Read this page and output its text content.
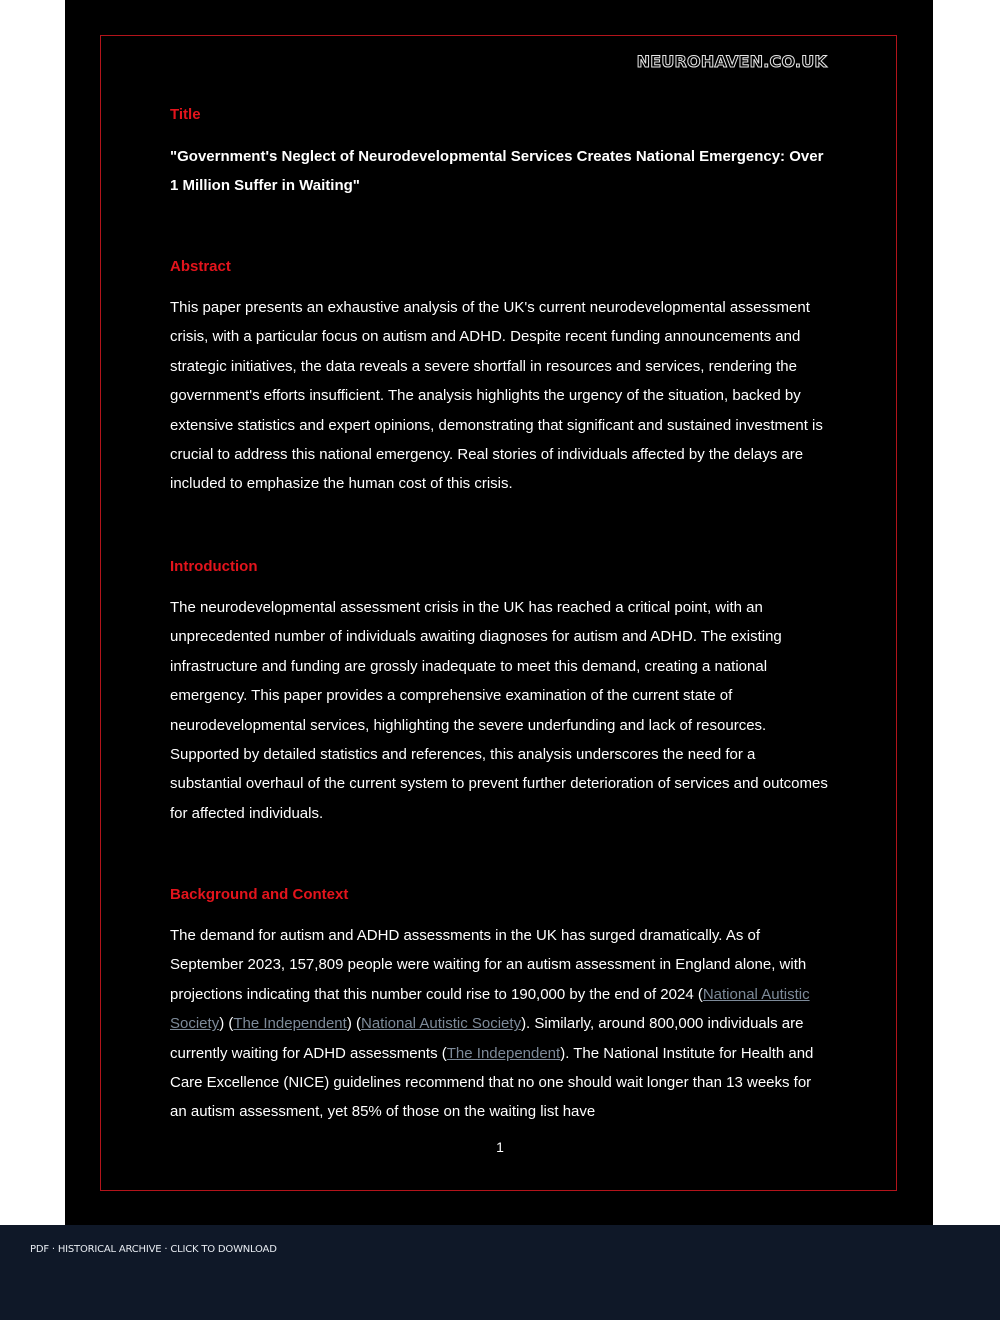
NEUROHAVEN.CO.UK
Title
"Government's Neglect of Neurodevelopmental Services Creates National Emergency: Over 1 Million Suffer in Waiting"
Abstract
This paper presents an exhaustive analysis of the UK's current neurodevelopmental assessment crisis, with a particular focus on autism and ADHD. Despite recent funding announcements and strategic initiatives, the data reveals a severe shortfall in resources and services, rendering the government's efforts insufficient. The analysis highlights the urgency of the situation, backed by extensive statistics and expert opinions, demonstrating that significant and sustained investment is crucial to address this national emergency. Real stories of individuals affected by the delays are included to emphasize the human cost of this crisis.
Introduction
The neurodevelopmental assessment crisis in the UK has reached a critical point, with an unprecedented number of individuals awaiting diagnoses for autism and ADHD. The existing infrastructure and funding are grossly inadequate to meet this demand, creating a national emergency. This paper provides a comprehensive examination of the current state of neurodevelopmental services, highlighting the severe underfunding and lack of resources. Supported by detailed statistics and references, this analysis underscores the need for a substantial overhaul of the current system to prevent further deterioration of services and outcomes for affected individuals.
Background and Context
The demand for autism and ADHD assessments in the UK has surged dramatically. As of September 2023, 157,809 people were waiting for an autism assessment in England alone, with projections indicating that this number could rise to 190,000 by the end of 2024 (National Autistic Society) (The Independent) (National Autistic Society). Similarly, around 800,000 individuals are currently waiting for ADHD assessments (The Independent). The National Institute for Health and Care Excellence (NICE) guidelines recommend that no one should wait longer than 13 weeks for an autism assessment, yet 85% of those on the waiting list have
1
PDF · HISTORICAL ARCHIVE · CLICK TO DOWNLOAD
